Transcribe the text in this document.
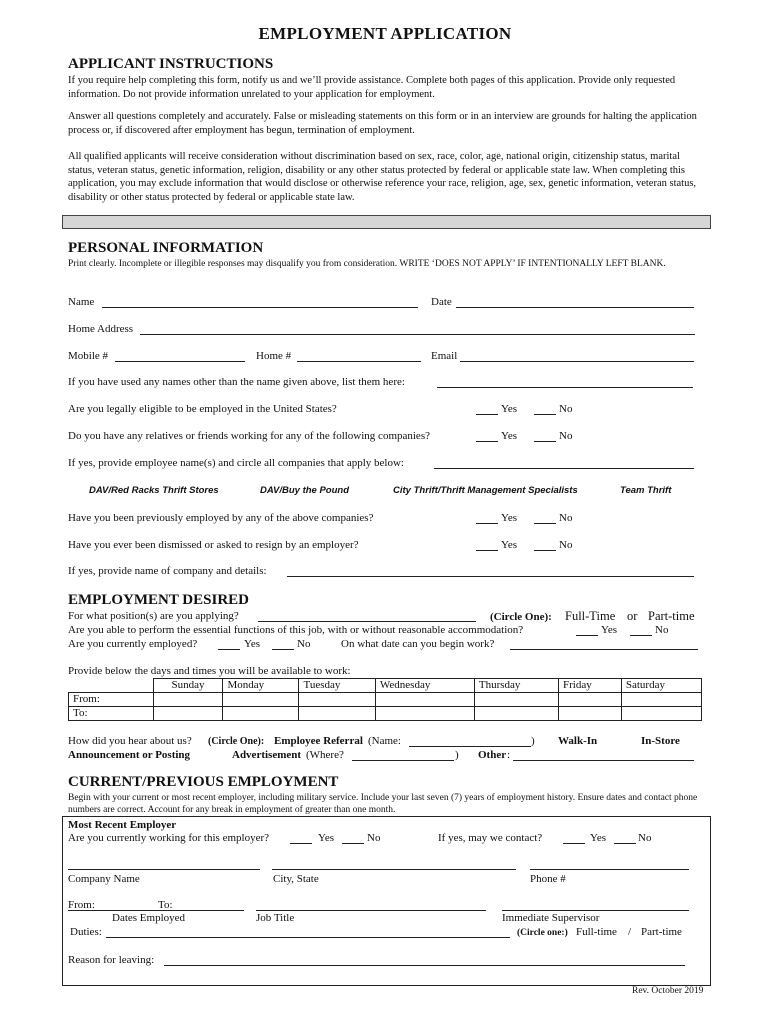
EMPLOYMENT APPLICATION
APPLICANT INSTRUCTIONS
If you require help completing this form, notify us and we’ll provide assistance. Complete both pages of this application. Provide only requested information. Do not provide information unrelated to your application for employment.
Answer all questions completely and accurately. False or misleading statements on this form or in an interview are grounds for halting the application process or, if discovered after employment has begun, termination of employment.
All qualified applicants will receive consideration without discrimination based on sex, race, color, age, national origin, citizenship status, marital status, veteran status, genetic information, religion, disability or any other status protected by federal or applicable state law. When completing this application, you may exclude information that would disclose or otherwise reference your race, religion, age, sex, genetic information, veteran status, disability or other status protected by federal or applicable state law.
PERSONAL INFORMATION
Print clearly. Incomplete or illegible responses may disqualify you from consideration. WRITE ‘DOES NOT APPLY’ IF INTENTIONALLY LEFT BLANK.
Name	Date
Home Address
Mobile #	Home #	Email
If you have used any names other than the name given above, list them here:
Are you legally eligible to be employed in the United States?	Yes	No
Do you have any relatives or friends working for any of the following companies?	Yes	No
If yes, provide employee name(s) and circle all companies that apply below:
DAV/Red Racks Thrift Stores	DAV/Buy the Pound	City Thrift/Thrift Management Specialists	Team Thrift
Have you been previously employed by any of the above companies?	Yes	No
Have you ever been dismissed or asked to resign by an employer?	Yes	No
If yes, provide name of company and details:
EMPLOYMENT DESIRED
For what position(s) are you applying?	(Circle One): Full-Time or Part-time
Are you able to perform the essential functions of this job, with or without reasonable accommodation?	Yes	No
Are you currently employed?	Yes	No	On what date can you begin work?
Provide below the days and times you will be available to work:
	Sunday	Monday	Tuesday	Wednesday	Thursday	Friday	Saturday
From:							
To:							
How did you hear about us? (Circle One): Employee Referral (Name:	) Walk-In	In-Store
Announcement or Posting	Advertisement (Where?	) Other :
CURRENT/PREVIOUS EMPLOYMENT
Begin with your current or most recent employer, including military service. Include your last seven (7) years of employment history. Ensure dates and contact phone numbers are correct. Account for any break in employment of greater than one month.
Most Recent Employer
Are you currently working for this employer?	Yes	No	If yes, may we contact?	Yes	No
Company Name	City, State	Phone #
From:	To:
Dates Employed	Job Title	Immediate Supervisor
Duties:	(Circle one:) Full-time / Part-time
Reason for leaving:
Rev. October 2019
